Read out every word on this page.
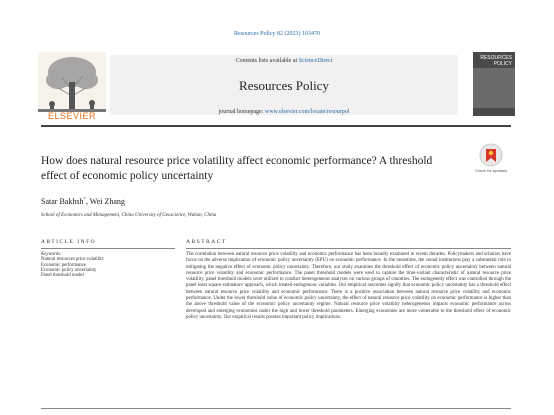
Resources Policy 82 (2023) 103470
Contents lists available at ScienceDirect
Resources Policy
journal homepage: www.elsevier.com/locate/resourpol
ELSEVIER
RESOURCES POLICY
How does natural resource price volatility affect economic performance? A threshold effect of economic policy uncertainty	Check for updates
Satar Bakhsh*, Wei Zhang
School of Economics and Management, China University of Geoscience, Wuhan, China
ARTICLE INFO	ABSTRACT
Keywords:
Natural resources price volatility
Economic performance
Economic policy uncertainty
Panel threshold model
The correlation between natural resource price volatility and economic performance has been broadly examined in recent decades. Policymakers and scholars have focus on the adverse implication of economic policy uncertainty (EPU) on economic performance. In the meantime, the sound institutions play a substantial role in mitigating the negative effect of economic policy uncertainty. Therefore, our study examines the threshold effect of economic policy uncertainty between natural resource price volatility and economic performance. The panel threshold models were used to capture the time-variant characteristic of natural resource price volatility, panel threshold models were utilized to conduct heterogeneous analyses on various groups of countries. The endogeneity effect was controlled through the panel least square estimators' approach, which treated endogenous variables. Our empirical outcomes signify that economic policy uncertainty has a threshold effect between natural resource price volatility and economic performance. There is a positive association between natural resource price volatility and economic performance. Under the lower threshold value of economic policy uncertainty, the effect of natural resource price volatility on economic performance is higher than the above threshold value of the economic policy uncertainty regime. Natural resource price volatility heterogeneous impacts economic performance across developed and emerging economies under the high and lower threshold parameters. Emerging economies are more vulnerable to the threshold effect of economic policy uncertainty. Our empirical results possess important policy implications.
